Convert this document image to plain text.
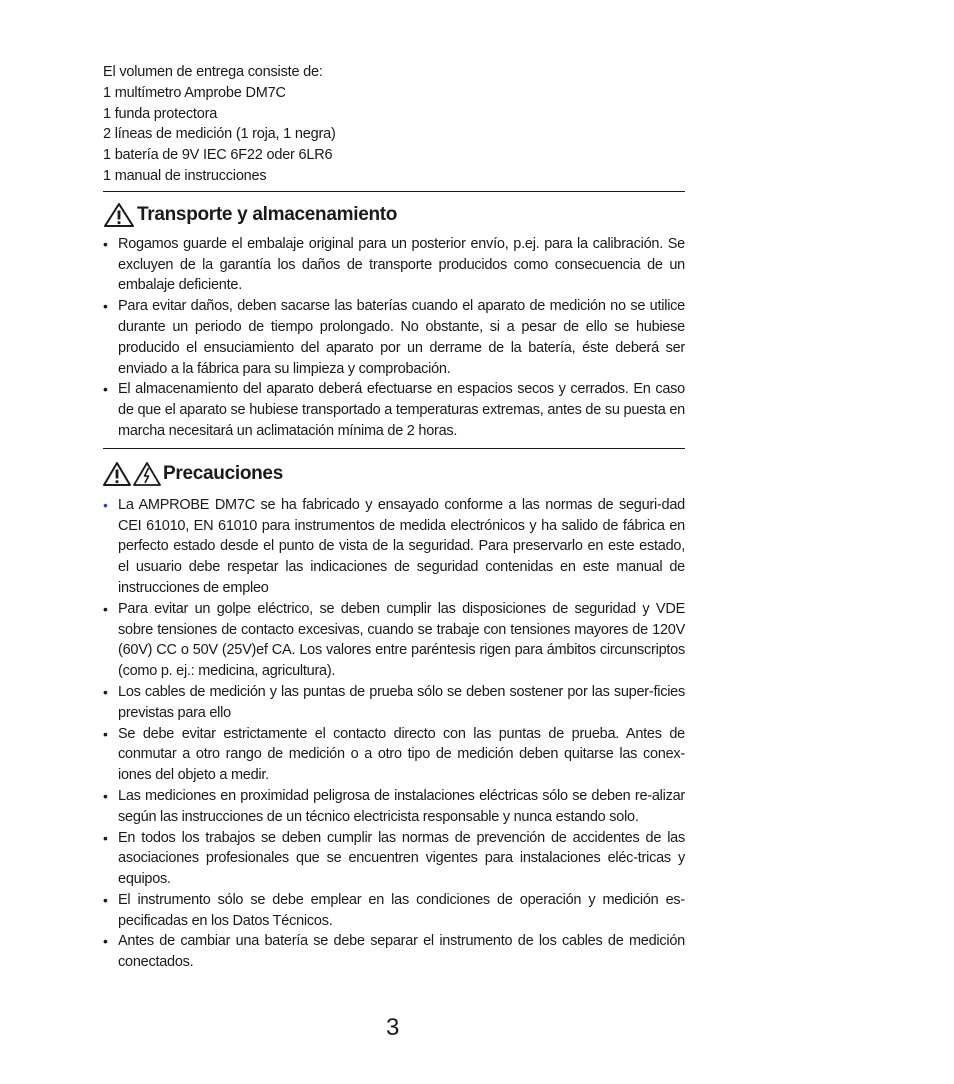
El volumen de entrega consiste de:
1 multímetro Amprobe DM7C
1 funda protectora
2 líneas de medición (1 roja, 1 negra)
1 batería de 9V IEC 6F22 oder 6LR6
1 manual de instrucciones
Transporte y almacenamiento
• Rogamos guarde el embalaje original para un posterior envío, p.ej. para la calibración. Se excluyen de la garantía los daños de transporte producidos como consecuencia de un embalaje deficiente.
• Para evitar daños, deben sacarse las baterías cuando el aparato de medición no se utilice durante un periodo de tiempo prolongado. No obstante, si a pesar de ello se hubiese producido el ensuciamiento del aparato por un derrame de la batería, éste deberá ser enviado a la fábrica para su limpieza y comprobación.
• El almacenamiento del aparato deberá efectuarse en espacios secos y cerrados. En caso de que el aparato se hubiese transportado a temperaturas extremas, antes de su puesta en marcha necesitará un aclimatación mínima de 2 horas.
Precauciones
• La AMPROBE DM7C se ha fabricado y ensayado conforme a las normas de seguri-dad CEI 61010, EN 61010 para instrumentos de medida electrónicos y ha salido de fábrica en perfecto estado desde el punto de vista de la seguridad. Para preservarlo en este estado, el usuario debe respetar las indicaciones de seguridad contenidas en este manual de instrucciones de empleo
• Para evitar un golpe eléctrico, se deben cumplir las disposiciones de seguridad y VDE sobre tensiones de contacto excesivas, cuando se trabaje con tensiones mayores de 120V (60V) CC o 50V (25V)ef CA. Los valores entre paréntesis rigen para ámbitos circunscriptos (como p. ej.: medicina, agricultura).
• Los cables de medición y las puntas de prueba sólo se deben sostener por las super-ficies previstas para ello
• Se debe evitar estrictamente el contacto directo con las puntas de prueba. Antes de conmutar a otro rango de medición o a otro tipo de medición deben quitarse las conex-iones del objeto a medir.
• Las mediciones en proximidad peligrosa de instalaciones eléctricas sólo se deben re-alizar según las instrucciones de un técnico electricista responsable y nunca estando solo.
• En todos los trabajos se deben cumplir las normas de prevención de accidentes de las asociaciones profesionales que se encuentren vigentes para instalaciones eléc-tricas y equipos.
• El instrumento sólo se debe emplear en las condiciones de operación y medición es-pecificadas en los Datos Técnicos.
• Antes de cambiar una batería se debe separar el instrumento de los cables de medición conectados.
3
